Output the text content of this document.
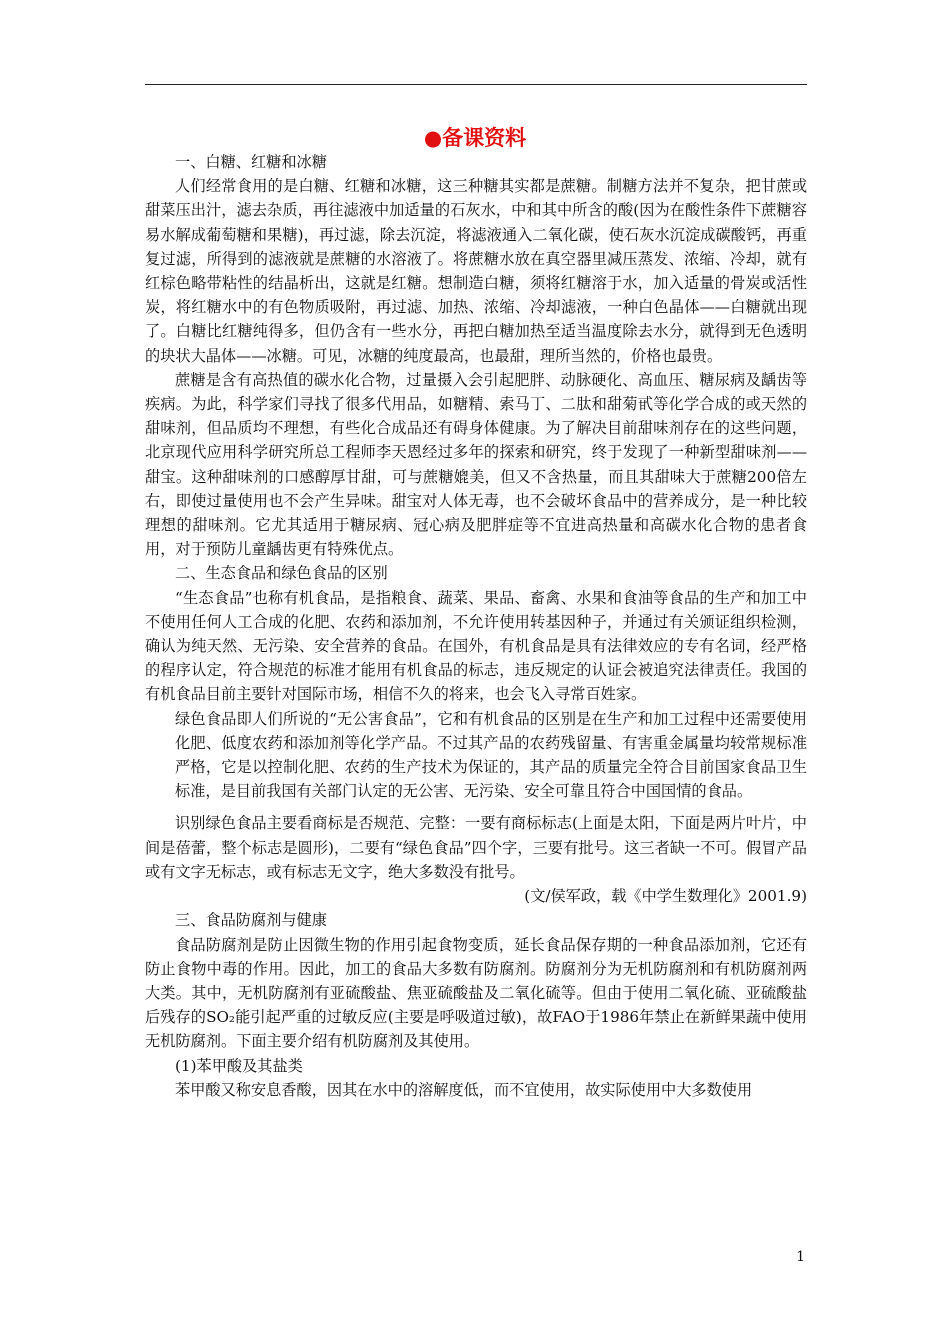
●备课资料

一、白糖、红糖和冰糖

人们经常食用的是白糖、红糖和冰糖，这三种糖其实都是蔗糖。制糖方法并不复杂，把甘蔗或甜菜压出汁，滤去杂质，再往滤液中加适量的石灰水，中和其中所含的酸(因为在酸性条件下蔗糖容易水解成葡萄糖和果糖)，再过滤，除去沉淀，将滤液通入二氧化碳，使石灰水沉淀成碳酸钙，再重复过滤，所得到的滤液就是蔗糖的水溶液了。将蔗糖水放在真空器里减压蒸发、浓缩、冷却，就有红棕色略带粘性的结晶析出，这就是红糖。想制造白糖，须将红糖溶于水，加入适量的骨炭或活性炭，将红糖水中的有色物质吸附，再过滤、加热、浓缩、冷却滤液，一种白色晶体——白糖就出现了。白糖比红糖纯得多，但仍含有一些水分，再把白糖加热至适当温度除去水分，就得到无色透明的块状大晶体——冰糖。可见，冰糖的纯度最高，也最甜，理所当然的，价格也最贵。

蔗糖是含有高热值的碳水化合物，过量摄入会引起肥胖、动脉硬化、高血压、糖尿病及龋齿等疾病。为此，科学家们寻找了很多代用品，如糖精、索马丁、二肽和甜菊甙等化学合成的或天然的甜味剂，但品质均不理想，有些化合成品还有碍身体健康。为了解决目前甜味剂存在的这些问题，北京现代应用科学研究所总工程师李天恩经过多年的探索和研究，终于发现了一种新型甜味剂——甜宝。这种甜味剂的口感醇厚甘甜，可与蔗糖媲美，但又不含热量，而且其甜味大于蔗糖200倍左右，即使过量使用也不会产生异味。甜宝对人体无毒，也不会破坏食品中的营养成分，是一种比较理想的甜味剂。它尤其适用于糖尿病、冠心病及肥胖症等不宜进高热量和高碳水化合物的患者食用，对于预防儿童龋齿更有特殊优点。

二、生态食品和绿色食品的区别

“生态食品”也称有机食品，是指粮食、蔬菜、果品、畜禽、水果和食油等食品的生产和加工中不使用任何人工合成的化肥、农药和添加剂，不允许使用转基因种子，并通过有关颁证组织检测，确认为纯天然、无污染、安全营养的食品。在国外，有机食品是具有法律效应的专有名词，经严格的程序认定，符合规范的标准才能用有机食品的标志，违反规定的认证会被追究法律责任。我国的有机食品目前主要针对国际市场，相信不久的将来，也会飞入寻常百姓家。

绿色食品即人们所说的“无公害食品”，它和有机食品的区别是在生产和加工过程中还需要使用化肥、低度农药和添加剂等化学产品。不过其产品的农药残留量、有害重金属量均较常规标准严格，它是以控制化肥、农药的生产技术为保证的，其产品的质量完全符合目前国家食品卫生标准，是目前我国有关部门认定的无公害、无污染、安全可靠且符合中国国情的食品。

识别绿色食品主要看商标是否规范、完整：一要有商标标志(上面是太阳，下面是两片叶片，中间是蓓蕾，整个标志是圆形)，二要有“绿色食品”四个字，三要有批号。这三者缺一不可。假冒产品或有文字无标志，或有标志无文字，绝大多数没有批号。

(文/侯军政，载《中学生数理化》2001.9)

三、食品防腐剂与健康

食品防腐剂是防止因微生物的作用引起食物变质，延长食品保存期的一种食品添加剂，它还有防止食物中毒的作用。因此，加工的食品大多数有防腐剂。防腐剂分为无机防腐剂和有机防腐剂两大类。其中，无机防腐剂有亚硫酸盐、焦亚硫酸盐及二氧化硫等。但由于使用二氧化硫、亚硫酸盐后残存的SO₂能引起严重的过敏反应(主要是呼吸道过敏)，故FAO于1986年禁止在新鲜果蔬中使用无机防腐剂。下面主要介绍有机防腐剂及其使用。

(1)苯甲酸及其盐类

苯甲酸又称安息香酸，因其在水中的溶解度低，而不宜使用，故实际使用中大多数使用

1
